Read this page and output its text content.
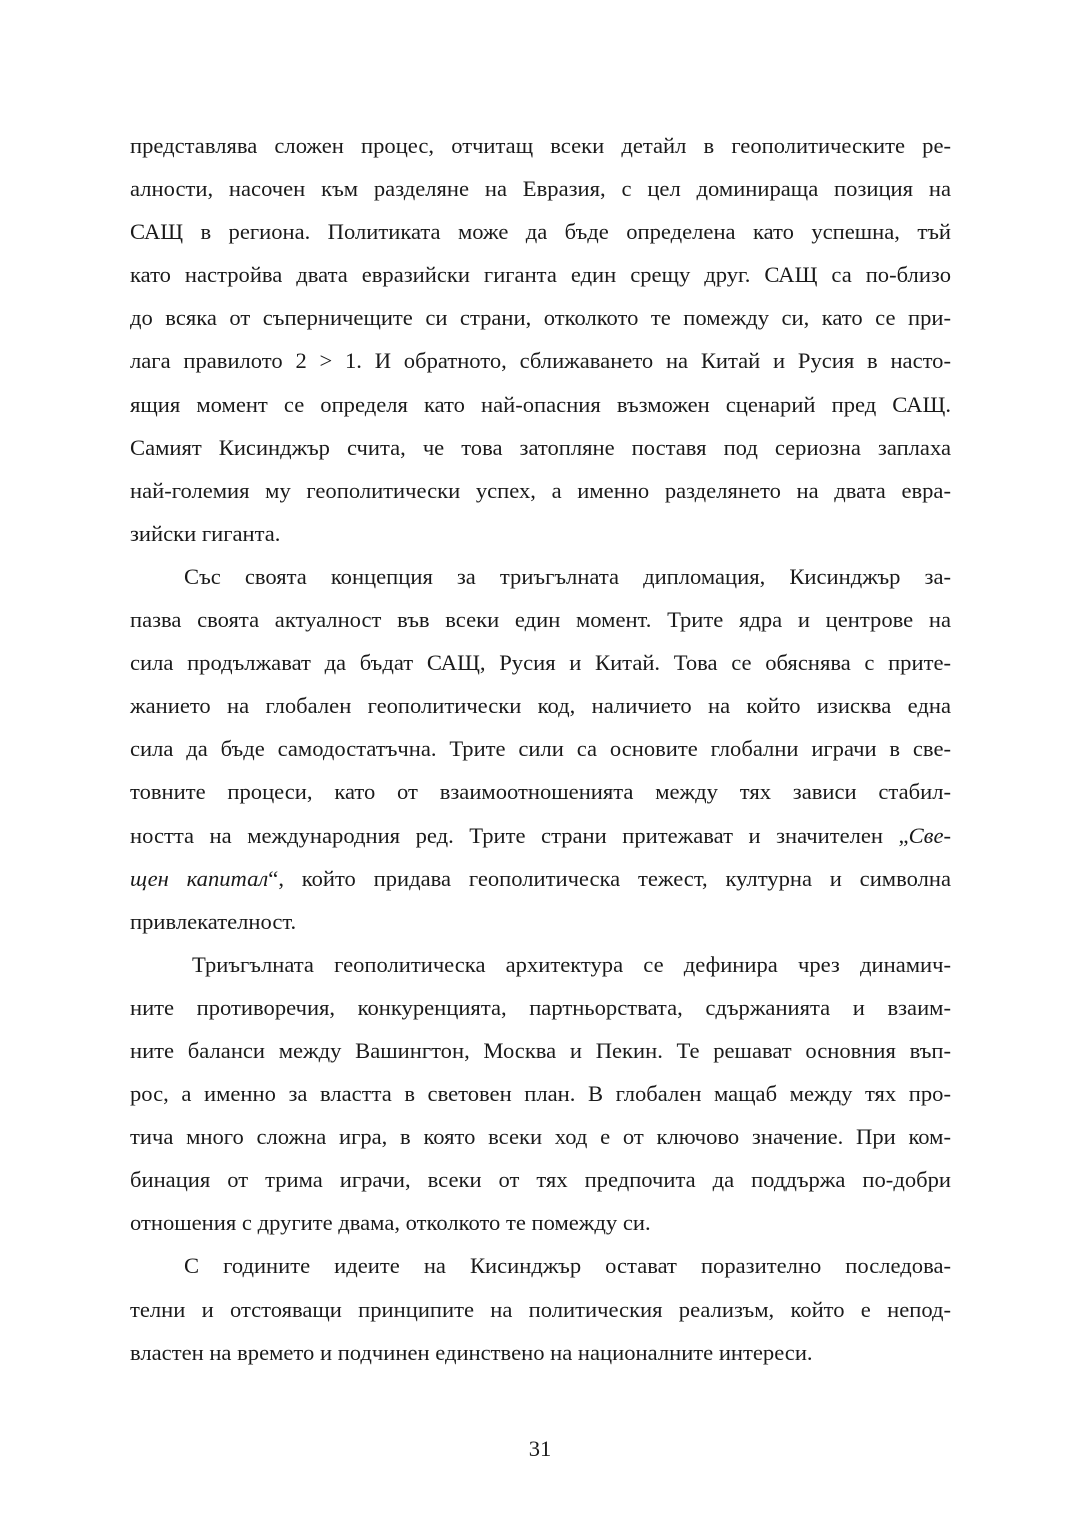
представлява сложен процес, отчитащ всеки детайл в геополитическите ре-
алности, насочен към разделяне на Евразия, с цел доминираща позиция на
САЩ в региона. Политиката може да бъде определена като успешна, тъй
като настройва двата евразийски гиганта един срещу друг. САЩ са по-близо
до всяка от съперничещите си страни, отколкото те помежду си, като се при-
лага правилото 2 > 1. И обратното, сближаването на Китай и Русия в насто-
ящия момент се определя като най-опасния възможен сценарий пред САЩ.
Самият Кисинджър счита, че това затопляне поставя под сериозна заплаха
най-големия му геополитически успех, а именно разделянето на двата евра-
зийски гиганта.
Със своята концепция за триъгълната дипломация, Кисинджър за-
пазва своята актуалност във всеки един момент. Трите ядра и центрове на
сила продължават да бъдат САЩ, Русия и Китай. Това се обяснява с прите-
жанието на глобален геополитически код, наличието на който изисква една
сила да бъде самодостатъчна. Трите сили са основите глобални играчи в све-
товните процеси, като от взаимоотношенията между тях зависи стабил-
ността на международния ред. Трите страни притежават и значителен „Све-
щен капитал“, който придава геополитическа тежест, културна и символна
привлекателност.
Триъгълната геополитическа архитектура се дефинира чрез динамич-
ните противоречия, конкуренцията, партньорствата, сдържанията и взаим-
ните баланси между Вашингтон, Москва и Пекин. Те решават основния въп-
рос, а именно за властта в световен план. В глобален мащаб между тях про-
тича много сложна игра, в която всеки ход е от ключово значение. При ком-
бинация от трима играчи, всеки от тях предпочита да поддържа по-добри
отношения с другите двама, отколкото те помежду си.
С годините идеите на Кисинджър остават поразително последова-
телни и отстояващи принципите на политическия реализъм, който е непод-
властен на времето и подчинен единствено на националните интереси.
31
